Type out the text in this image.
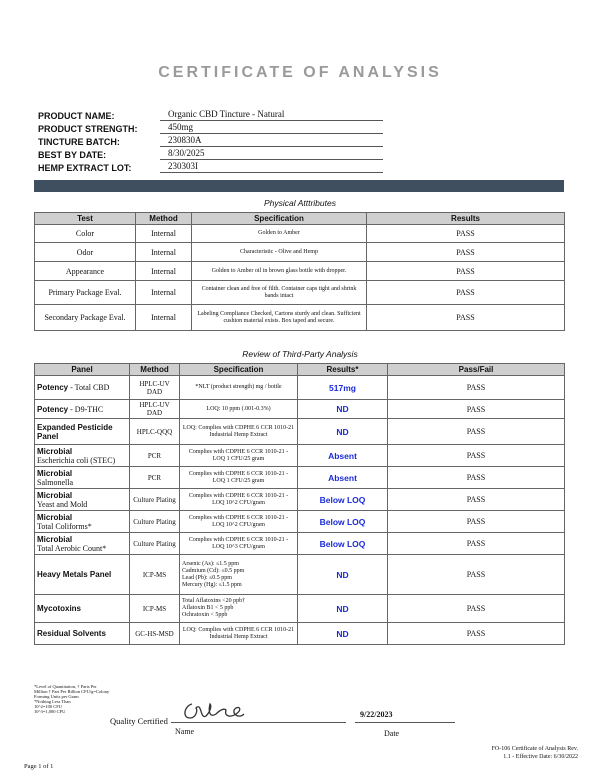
CERTIFICATE OF ANALYSIS
PRODUCT NAME:	Organic CBD Tincture - Natural
PRODUCT STRENGTH:	450mg
TINCTURE BATCH:	230830A
BEST BY DATE:	8/30/2025
HEMP EXTRACT LOT:	230303I
Physical Atttributes
Test	Method	Specification	Results
Color	Internal	Golden to Amber	PASS
Odor	Internal	Characteristic - Olive and Hemp	PASS
Appearance	Internal	Golden to Amber oil in brown glass bottle with dropper.	PASS
Primary Package Eval.	Internal	Container clean and free of filth. Container caps tight and shrink bands intact	PASS
Secondary Package Eval.	Internal	Labeling Compliance Checked, Cartons sturdy and clean. Sufficient cushion material exists. Box taped and secure.	PASS
Review of Third-Party Analysis
Panel	Method	Specification	Results*	Pass/Fail
Potency - Total CBD	HPLC-UV DAD	*NLT (product strength) mg / bottle	517mg	PASS
Potency - D9-THC	HPLC-UV DAD	LOQ: 10 ppm (.001-0.3%)	ND	PASS

Expanded Pesticide Panel	HPLC-QQQ	LOQ: Complies with CDPHE 6 CCR 1010-21 Industrial Hemp Extract	ND	PASS

Microbial
Escherichia coli (STEC)	PCR	Complies with CDPHE 6 CCR 1010-21 - LOQ 1 CFU/25 gram	Absent	PASS

Microbial
Salmonella	PCR	Complies with CDPHE 6 CCR 1010-21 - LOQ 1 CFU/25 gram	Absent	PASS

Microbial
Yeast and Mold	Culture Plating	Complies with CDPHE 6 CCR 1010-21 - LOQ 10^2 CFU/gram	Below LOQ	PASS

Microbial
Total Coliforms*	Culture Plating	Complies with CDPHE 6 CCR 1010-21 - LOQ 10^2 CFU/gram	Below LOQ	PASS

Microbial
Total Aerobic Count*	Culture Plating	Complies with CDPHE 6 CCR 1010-21 - LOQ 10^3 CFU/gram	Below LOQ	PASS

Heavy Metals Panel	ICP-MS	Arsenic (As): ≤1.5 ppm
Cadmium (Cd): ≤0.5 ppm
Lead (Pb): ≤0.5 ppm
Mercury (Hg): ≤1.5 ppm	ND	PASS

Mycotoxins	ICP-MS	Total Aflatoxins <20 ppb†
Aflatoxin B1 < 5 ppb
Ochratoxin < 5ppb	ND	PASS

Residual Solvents	GC-HS-MSD	LOQ: Complies with CDPHE 6 CCR 1010-21 Industrial Hemp Extract	ND	PASS
*Level of Quantitation, † Parts Per
Million † Part Per Billion CFU/g=Colony
Forming Units per Gram
*Nothing Less Than
10^2=100 CFU
10^3=1,000 CFU
Quality Certified
9/22/2023
Name	Date
FO-106 Certificate of Analysis Rev.
1.1 - Effective Date: 6/30/2022
Page 1 of 1
